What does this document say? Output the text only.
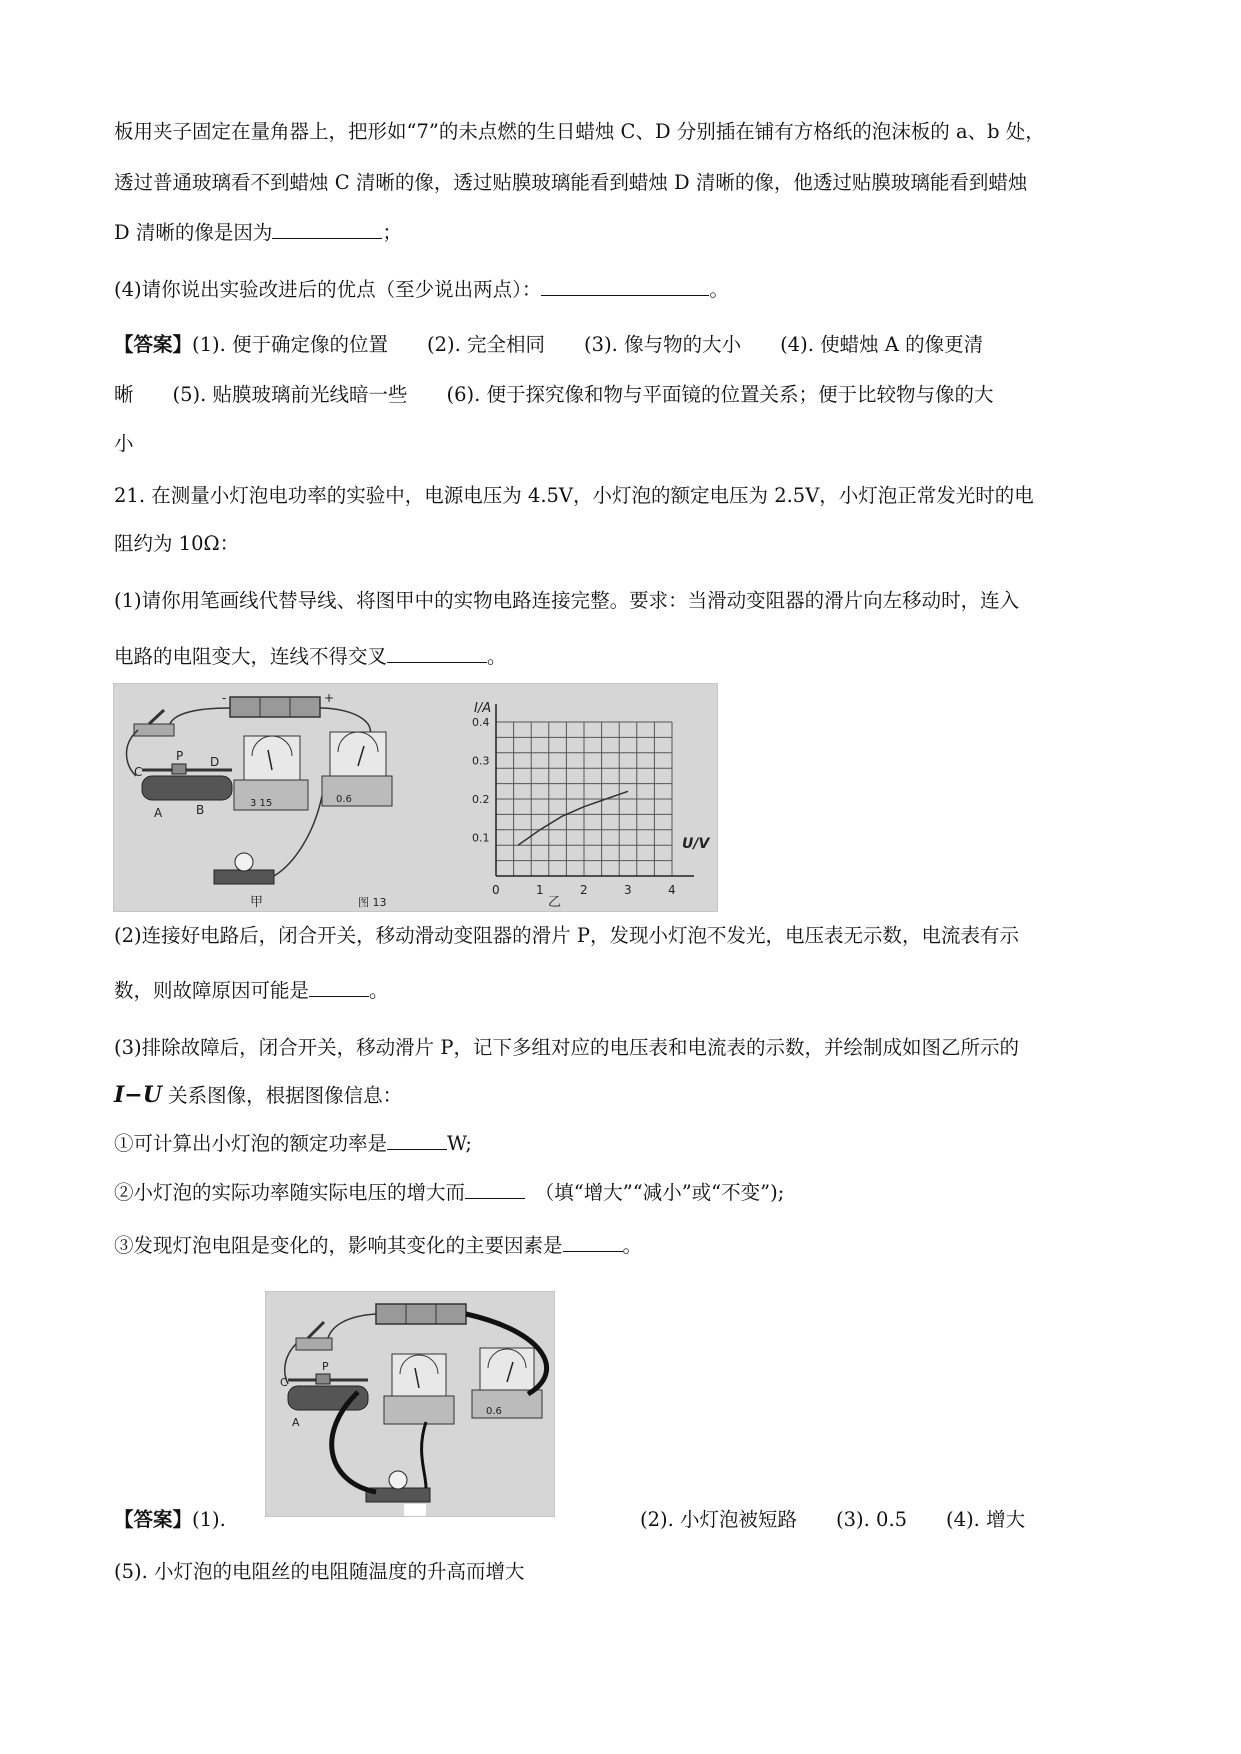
板用夹子固定在量角器上，把形如“7”的未点燃的生日蜡烛 C、D 分别插在铺有方格纸的泡沫板的 a、b 处，
透过普通玻璃看不到蜡烛 C 清晰的像，透过贴膜玻璃能看到蜡烛 D 清晰的像，他透过贴膜玻璃能看到蜡烛
D 清晰的像是因为	；
(4)请你说出实验改进后的优点（至少说出两点）：	。
【答案】(1). 便于确定像的位置　　(2). 完全相同　　(3). 像与物的大小　　(4). 使蜡烛 A 的像更清
晰　　(5). 贴膜玻璃前光线暗一些　　(6). 便于探究像和物与平面镜的位置关系；便于比较物与像的大
小
21. 在测量小灯泡电功率的实验中，电源电压为 4.5V，小灯泡的额定电压为 2.5V，小灯泡正常发光时的电
阻约为 10Ω：
(1)请你用笔画线代替导线、将图甲中的实物电路连接完整。要求：当滑动变阻器的滑片向左移动时，连入
电路的电阻变大，连线不得交叉	。
-	+
C
P D
A	B	3 15	0.6
甲	图 13
0	1	2	3	4
0.1
0.2
0.3
0.4
I/A
U/V
乙
(2)连接好电路后，闭合开关，移动滑动变阻器的滑片 P，发现小灯泡不发光，电压表无示数，电流表有示
数，则故障原因可能是	。
(3)排除故障后，闭合开关，移动滑片 P，记下多组对应的电压表和电流表的示数，并绘制成如图乙所示的
I−U 关系图像，根据图像信息：
①可计算出小灯泡的额定功率是	W;
②小灯泡的实际功率随实际电压的增大而　	（填“增大”“减小”或“不变”);
③发现灯泡电阻是变化的，影响其变化的主要因素是	。
C
P
A
0.6
【答案】(1).	(2). 小灯泡被短路　　(3). 0.5　　(4). 增大
(5). 小灯泡的电阻丝的电阻随温度的升高而增大
